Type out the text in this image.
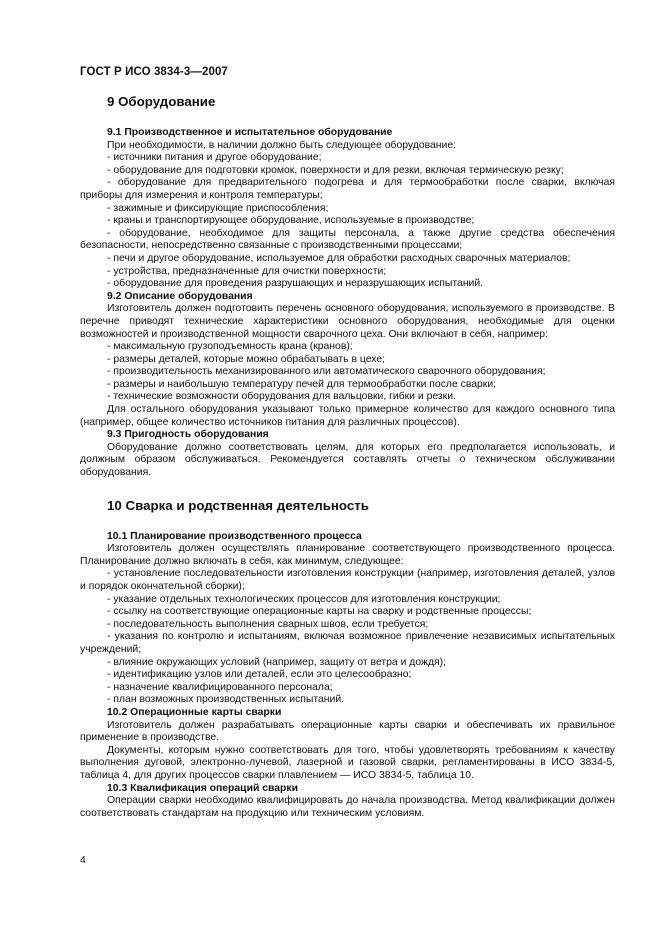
ГОСТ Р ИСО 3834-3—2007
9 Оборудование
9.1 Производственное и испытательное оборудование
При необходимости, в наличии должно быть следующее оборудование:
- источники питания и другое оборудование;
- оборудование для подготовки кромок, поверхности и для резки, включая термическую резку;
- оборудование для предварительного подогрева и для термообработки после сварки, включая приборы для измерения и контроля температуры;
- зажимные и фиксирующие приспособления;
- краны и транспортирующее оборудование, используемые в производстве;
- оборудование, необходимое для защиты персонала, а также другие средства обеспечения безопасности, непосредственно связанные с производственными процессами;
- печи и другое оборудование, используемое для обработки расходных сварочных материалов;
- устройства, предназначенные для очистки поверхности;
- оборудование для проведения разрушающих и неразрушающих испытаний.
9.2 Описание оборудования
Изготовитель должен подготовить перечень основного оборудования, используемого в производстве. В перечне приводят технические характеристики основного оборудования, необходимые для оценки возможностей и производственной мощности сварочного цеха. Они включают в себя, например:
- максимальную грузоподъемность крана (кранов);
- размеры деталей, которые можно обрабатывать в цехе;
- производительность механизированного или автоматического сварочного оборудования;
- размеры и наибольшую температуру печей для термообработки после сварки;
- технические возможности оборудования для вальцовки, гибки и резки.
Для остального оборудования указывают только примерное количество для каждого основного типа (например, общее количество источников питания для различных процессов).
9.3 Пригодность оборудования
Оборудование должно соответствовать целям, для которых его предполагается использовать, и должным образом обслуживаться. Рекомендуется составлять отчеты о техническом обслуживании оборудования.
10 Сварка и родственная деятельность
10.1 Планирование производственного процесса
Изготовитель должен осуществлять планирование соответствующего производственного процесса. Планирование должно включать в себя, как минимум, следующее:
- установление последовательности изготовления конструкции (например, изготовления деталей, узлов и порядок окончательной сборки);
- указание отдельных технологических процессов для изготовления конструкции;
- ссылку на соответствующие операционные карты на сварку и родственные процессы;
- последовательность выполнения сварных швов, если требуется;
- указания по контролю и испытаниям, включая возможное привлечение независимых испытательных учреждений;
- влияние окружающих условий (например, защиту от ветра и дождя);
- идентификацию узлов или деталей, если это целесообразно;
- назначение квалифицированного персонала;
- план возможных производственных испытаний.
10.2 Операционные карты сварки
Изготовитель должен разрабатывать операционные карты сварки и обеспечивать их правильное применение в производстве.
Документы, которым нужно соответствовать для того, чтобы удовлетворять требованиям к качеству выполнения дуговой, электронно-лучевой, лазерной и газовой сварки, регламентированы в ИСО 3834-5, таблица 4, для других процессов сварки плавлением — ИСО 3834-5, таблица 10.
10.3 Квалификация операций сварки
Операции сварки необходимо квалифицировать до начала производства. Метод квалификации должен соответствовать стандартам на продукцию или техническим условиям.
4
